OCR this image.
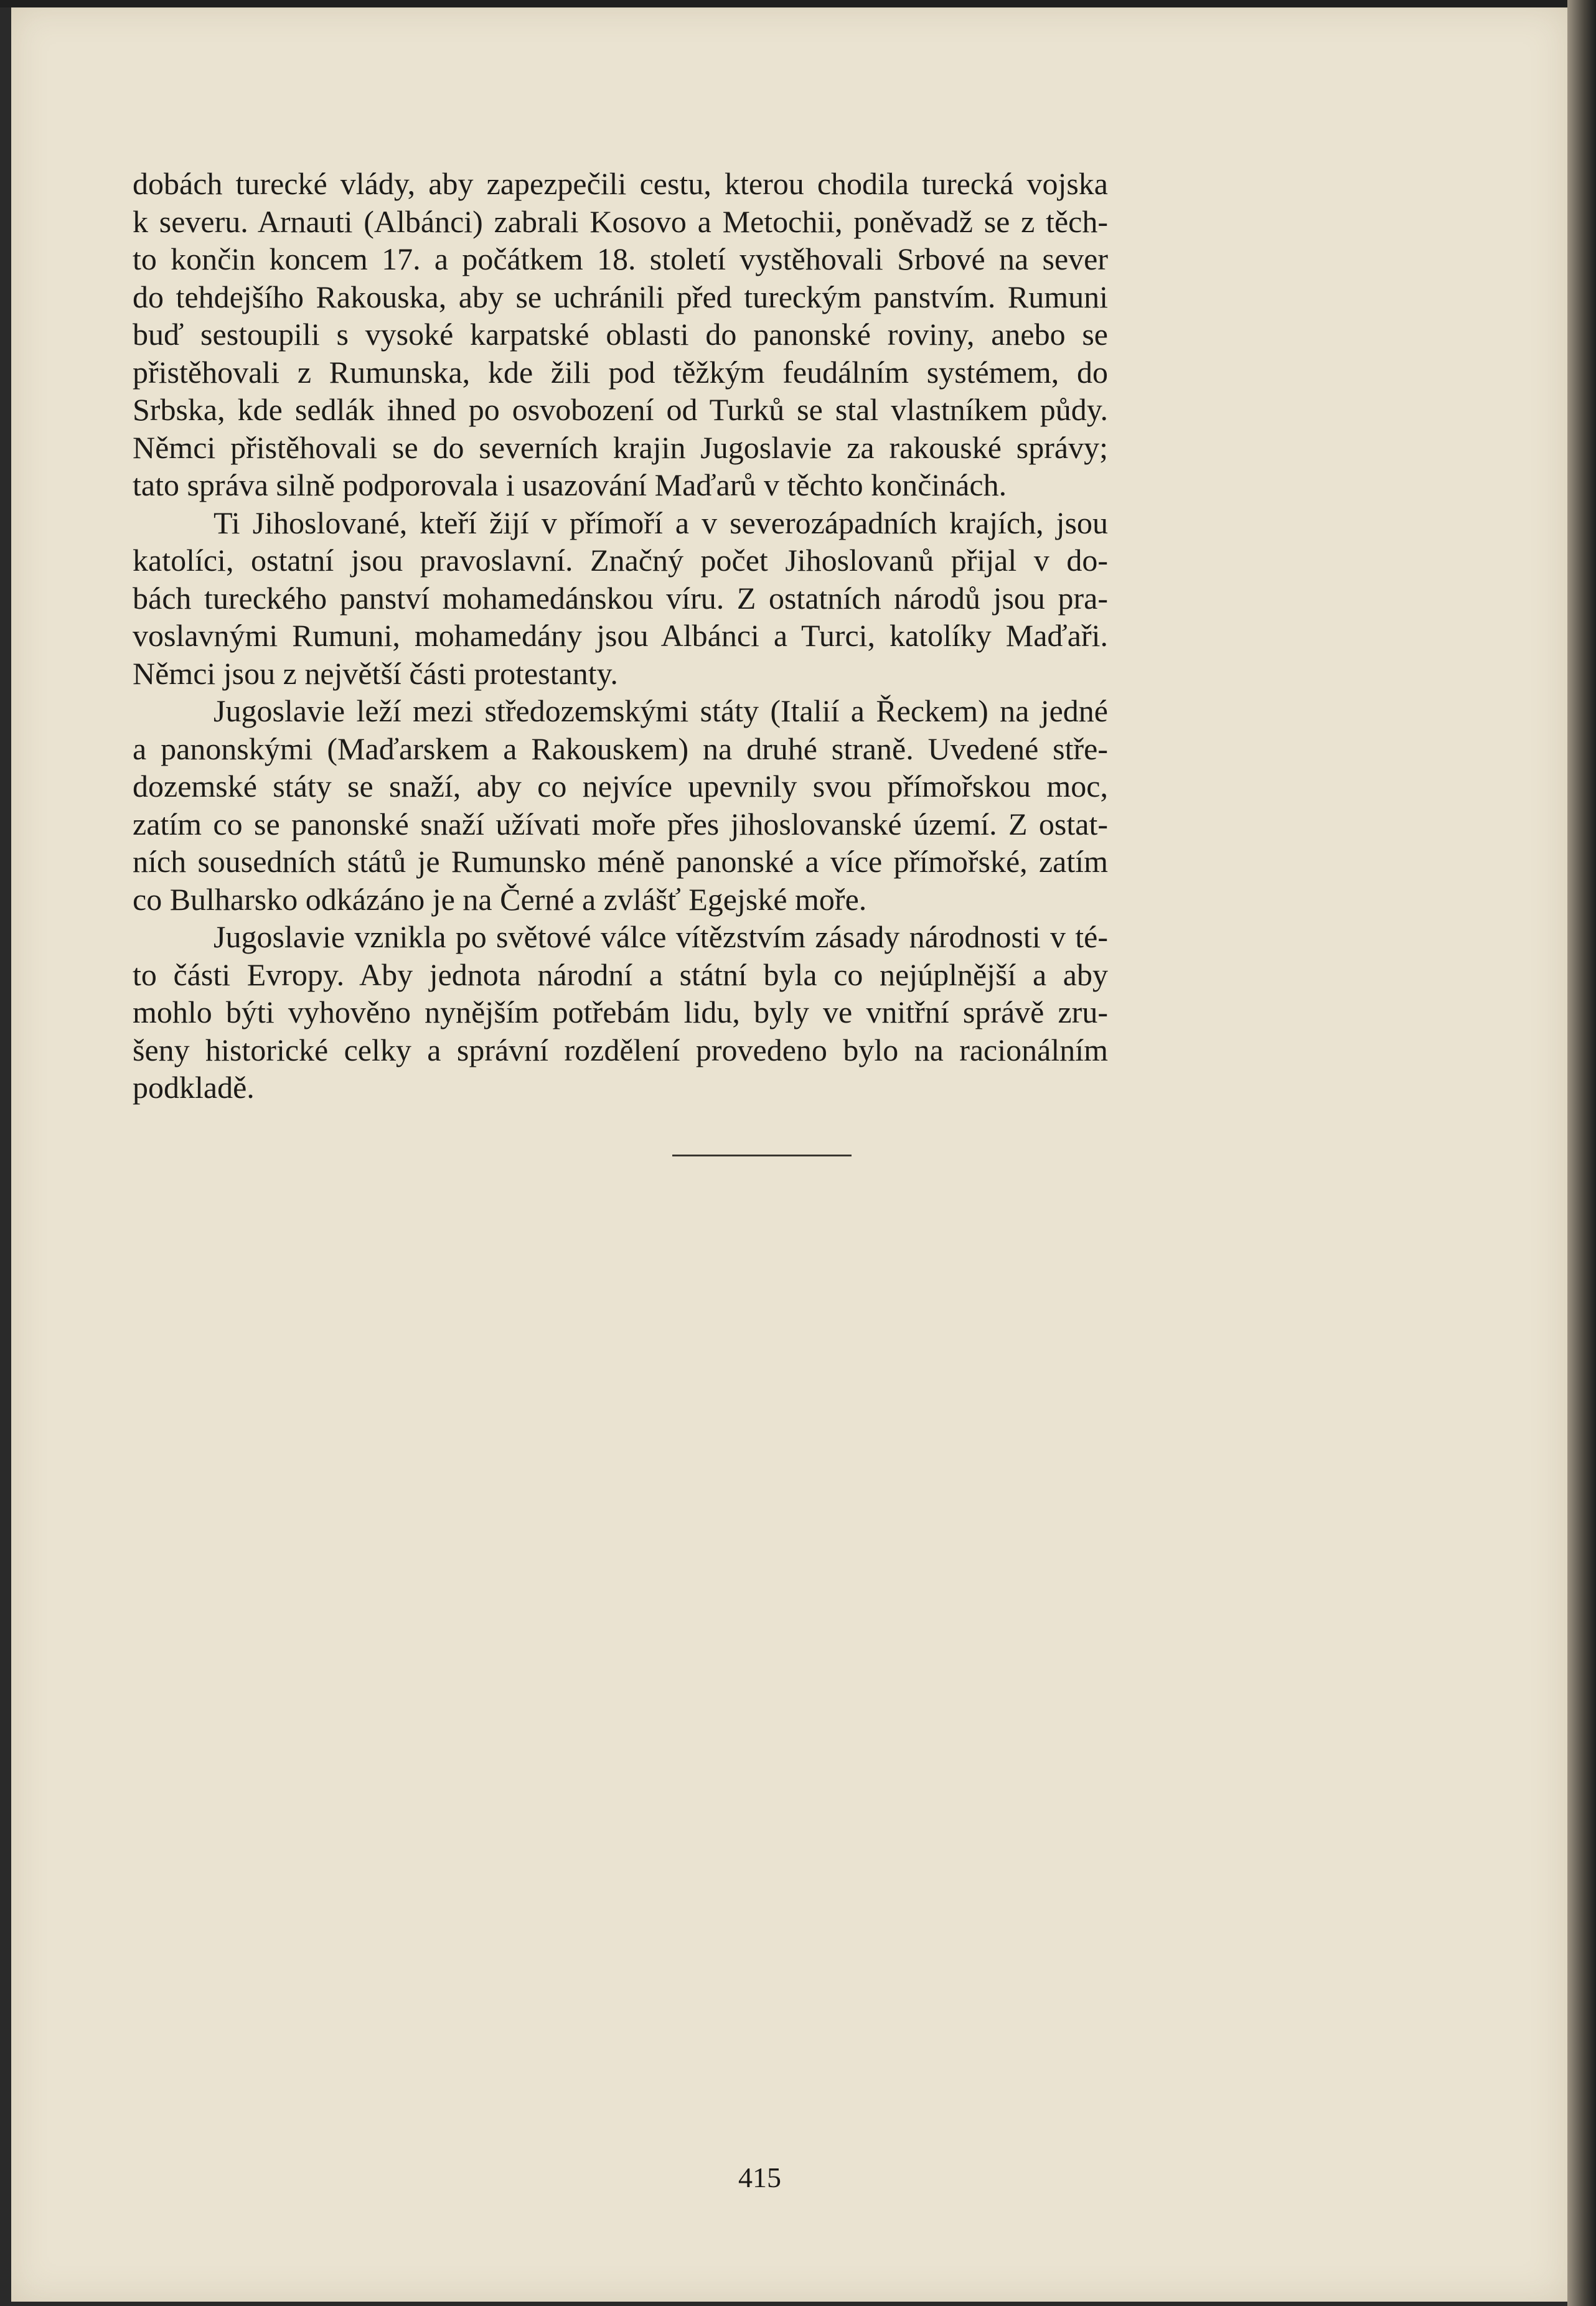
dobách turecké vlády, aby zapezpečili cestu, kterou chodila turecká vojska
k severu. Arnauti (Albánci) zabrali Kosovo a Metochii, poněvadž se z těch-
to končin koncem 17. a počátkem 18. století vystěhovali Srbové na sever
do tehdejšího Rakouska, aby se uchránili před tureckým panstvím. Rumuni
buď sestoupili s vysoké karpatské oblasti do panonské roviny, anebo se
přistěhovali z Rumunska, kde žili pod těžkým feudálním systémem, do
Srbska, kde sedlák ihned po osvobození od Turků se stal vlastníkem půdy.
Němci přistěhovali se do severních krajin Jugoslavie za rakouské správy;
tato správa silně podporovala i usazování Maďarů v těchto končinách.
Ti Jihoslované, kteří žijí v přímoří a v severozápadních krajích, jsou
katolíci, ostatní jsou pravoslavní. Značný počet Jihoslovanů přijal v do-
bách tureckého panství mohamedánskou víru. Z ostatních národů jsou pra-
voslavnými Rumuni, mohamedány jsou Albánci a Turci, katolíky Maďaři.
Němci jsou z největší části protestanty.
Jugoslavie leží mezi středozemskými státy (Italií a Řeckem) na jedné
a panonskými (Maďarskem a Rakouskem) na druhé straně. Uvedené stře-
dozemské státy se snaží, aby co nejvíce upevnily svou přímořskou moc,
zatím co se panonské snaží užívati moře přes jihoslovanské území. Z ostat-
ních sousedních států je Rumunsko méně panonské a více přímořské, zatím
co Bulharsko odkázáno je na Černé a zvlášť Egejské moře.
Jugoslavie vznikla po světové válce vítězstvím zásady národnosti v té-
to části Evropy. Aby jednota národní a státní byla co nejúplnější a aby
mohlo býti vyhověno nynějším potřebám lidu, byly ve vnitřní správě zru-
šeny historické celky a správní rozdělení provedeno bylo na racionálním
podkladě.
415
